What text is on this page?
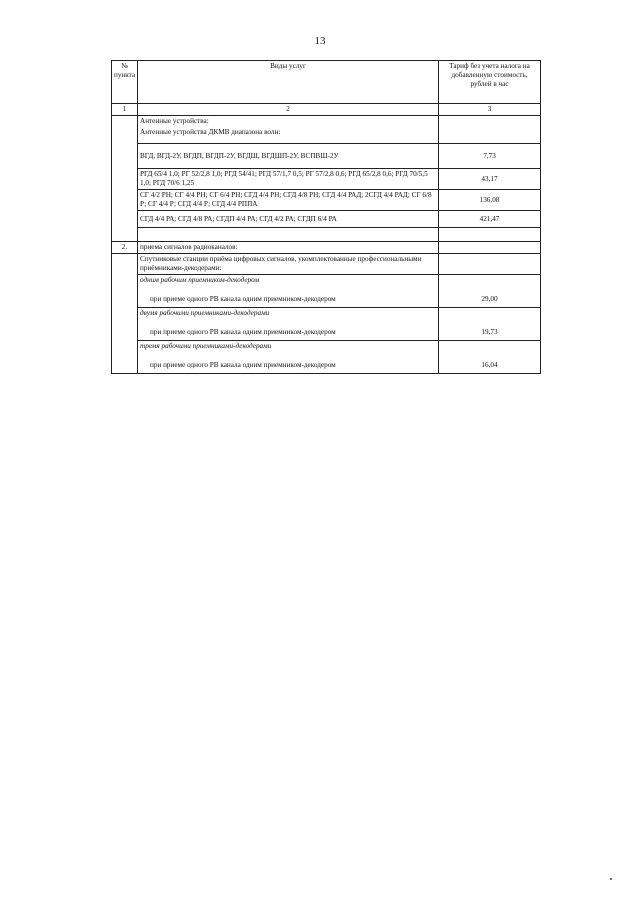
13
№ пункта	Виды услуг	Тариф без учета налога на добавленную стоимость, рублей в час
1	2	3
	Антенные устройства:	
	Антенные устройства ДКМВ диапазона волн:	
	ВГД, ВГД-2У, ВГДП, ВГДП-2У, ВГДШ, ВГДШП-2У, ВСПВШ-2У	7,73
	РГД 65/4 1,0; РГ 52/2,8 1,0; РГД 54/41; РГД 57/1,7 0,5; РГ 57/2,8 0,6; РГД 65/2,8 0,6; РГД 70/5,5 1,0; РГД 70/6 1,25	43,17
	СГ 4/2 РН; СГ 4/4 РН; СГ 6/4 РН; СГД 4/4 РН; СГД 4/8 РН; СГД 4/4 РАД; 2СГД 4/4 РАД; СГ 6/8 Р; СГ 4/4 Р; СГД 4/4 Р; СГД 4/4 РППА	136,08
	СГД 4/4 РА; СГД 4/8 РА; СГДП 4/4 РА; СГД 4/2 РА; СГДП 6/4 РА	421,47

2.	приема сигналов радиоканалов:	
	Спутниковые станции приёма цифровых сигналов, укомплектованные профессиональными приёмниками-декодерами:	
	одним рабочим приемником-декодером	
	при приеме одного РВ канала одним приемником-декодером	29,00
	двумя рабочими приемниками-декодерами	
	при приеме одного РВ канала одним приемником-декодером	19,73
	тремя рабочими приемниками-декодерами	
	при приеме одного РВ канала одним приемником-декодером	16,04
